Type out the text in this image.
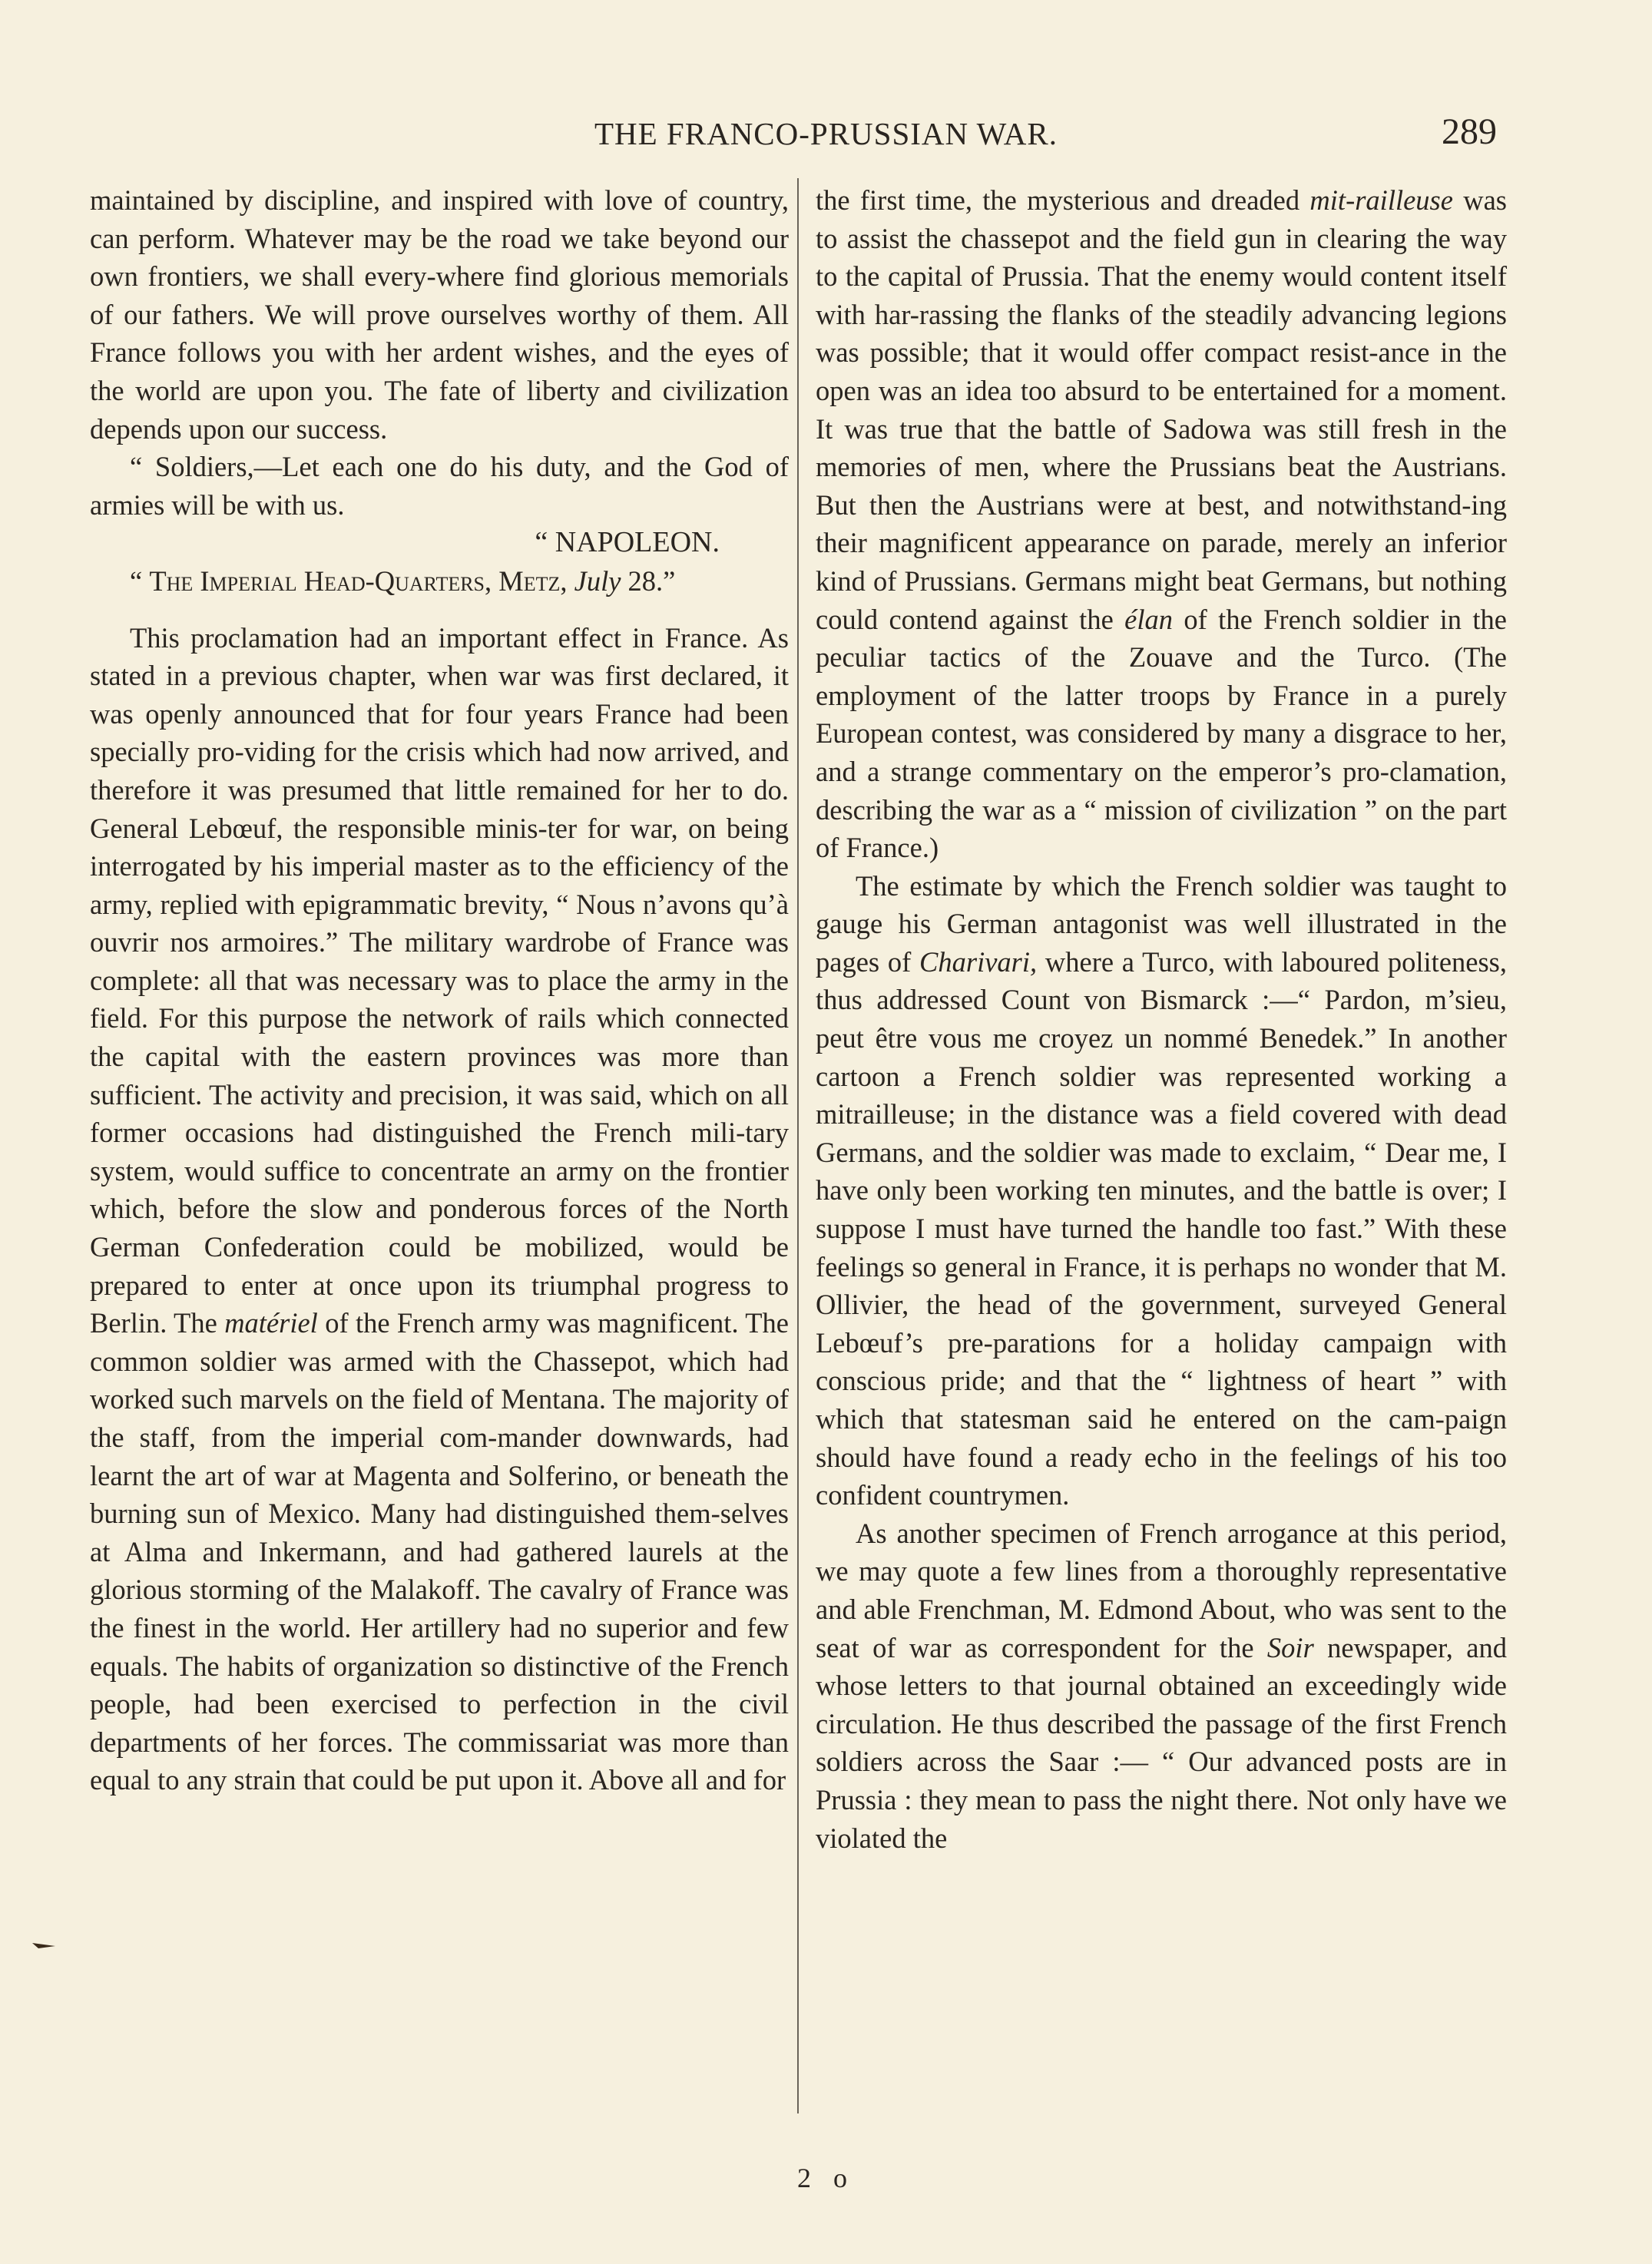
THE FRANCO-PRUSSIAN WAR.	289

maintained by discipline, and inspired with love of country, can perform. Whatever may be the road we take beyond our own frontiers, we shall every-where find glorious memorials of our fathers. We will prove ourselves worthy of them. All France follows you with her ardent wishes, and the eyes of the world are upon you. The fate of liberty and civilization depends upon our success.

“ Soldiers,—Let each one do his duty, and the God of armies will be with us.

“ NAPOLEON.

“ The Imperial Head-Quarters, Metz, July 28.”

This proclamation had an important effect in France. As stated in a previous chapter, when war was first declared, it was openly announced that for four years France had been specially pro-viding for the crisis which had now arrived, and therefore it was presumed that little remained for her to do. General Lebœuf, the responsible minis-ter for war, on being interrogated by his imperial master as to the efficiency of the army, replied with epigrammatic brevity, “ Nous n’avons qu’à ouvrir nos armoires.” The military wardrobe of France was complete: all that was necessary was to place the army in the field. For this purpose the network of rails which connected the capital with the eastern provinces was more than sufficient. The activity and precision, it was said, which on all former occasions had distinguished the French mili-tary system, would suffice to concentrate an army on the frontier which, before the slow and ponderous forces of the North German Confederation could be mobilized, would be prepared to enter at once upon its triumphal progress to Berlin. The matériel of the French army was magnificent. The common soldier was armed with the Chassepot, which had worked such marvels on the field of Mentana. The majority of the staff, from the imperial com-mander downwards, had learnt the art of war at Magenta and Solferino, or beneath the burning sun of Mexico. Many had distinguished them-selves at Alma and Inkermann, and had gathered laurels at the glorious storming of the Malakoff. The cavalry of France was the finest in the world. Her artillery had no superior and few equals. The habits of organization so distinctive of the French people, had been exercised to perfection in the civil departments of her forces. The commissariat was more than equal to any strain that could be put upon it. Above all and for

the first time, the mysterious and dreaded mit-railleuse was to assist the chassepot and the field gun in clearing the way to the capital of Prussia. That the enemy would content itself with har-rassing the flanks of the steadily advancing legions was possible; that it would offer compact resist-ance in the open was an idea too absurd to be entertained for a moment. It was true that the battle of Sadowa was still fresh in the memories of men, where the Prussians beat the Austrians. But then the Austrians were at best, and notwithstand-ing their magnificent appearance on parade, merely an inferior kind of Prussians. Germans might beat Germans, but nothing could contend against the élan of the French soldier in the peculiar tactics of the Zouave and the Turco. (The employment of the latter troops by France in a purely European contest, was considered by many a disgrace to her, and a strange commentary on the emperor’s pro-clamation, describing the war as a “ mission of civilization ” on the part of France.)

The estimate by which the French soldier was taught to gauge his German antagonist was well illustrated in the pages of Charivari, where a Turco, with laboured politeness, thus addressed Count von Bismarck :—“ Pardon, m’sieu, peut être vous me croyez un nommé Benedek.” In another cartoon a French soldier was represented working a mitrailleuse; in the distance was a field covered with dead Germans, and the soldier was made to exclaim, “ Dear me, I have only been working ten minutes, and the battle is over; I suppose I must have turned the handle too fast.” With these feelings so general in France, it is perhaps no wonder that M. Ollivier, the head of the government, surveyed General Lebœuf’s pre-parations for a holiday campaign with conscious pride; and that the “ lightness of heart ” with which that statesman said he entered on the cam-paign should have found a ready echo in the feelings of his too confident countrymen.

As another specimen of French arrogance at this period, we may quote a few lines from a thoroughly representative and able Frenchman, M. Edmond About, who was sent to the seat of war as correspondent for the Soir newspaper, and whose letters to that journal obtained an exceedingly wide circulation. He thus described the passage of the first French soldiers across the Saar :— “ Our advanced posts are in Prussia : they mean to pass the night there. Not only have we violated the

2 o
